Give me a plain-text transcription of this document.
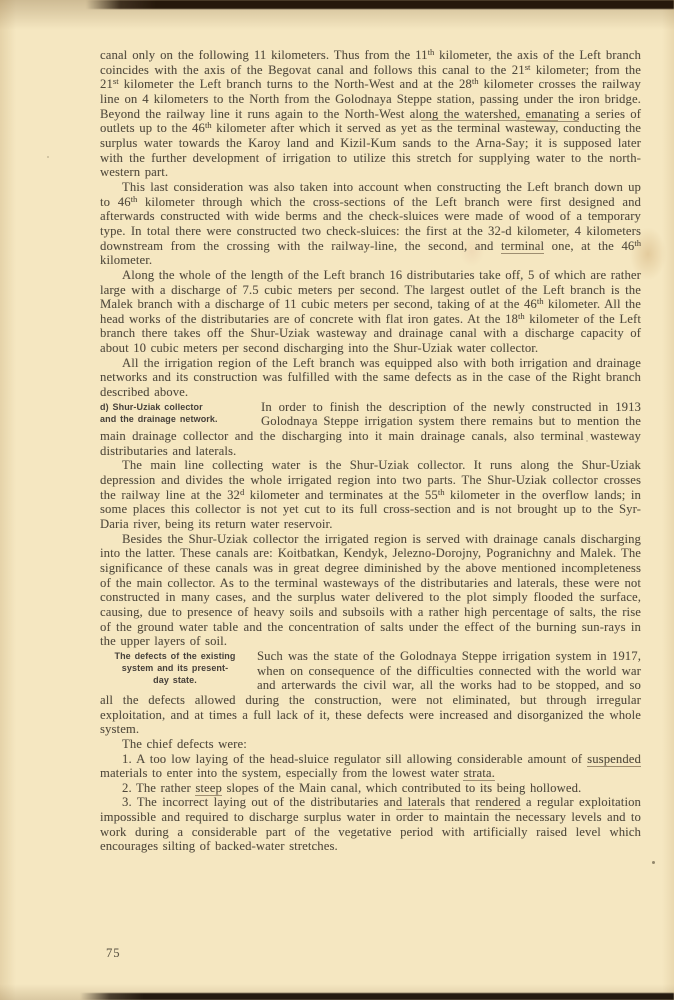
canal only on the following 11 kilometers. Thus from the 11th kilometer, the axis of the Left branch coincides with the axis of the Begovat canal and follows this canal to the 21st kilometer; from the 21st kilometer the Left branch turns to the North-West and at the 28th kilometer crosses the railway line on 4 kilometers to the North from the Golodnaya Steppe station, passing under the iron bridge. Beyond the railway line it runs again to the North-West along the watershed, emanating a series of outlets up to the 46th kilometer after which it served as yet as the terminal wasteway, conducting the surplus water towards the Karoy land and Kizil-Kum sands to the Arna-Say; it is supposed later with the further development of irrigation to utilize this stretch for supplying water to the north-western part.

This last consideration was also taken into account when constructing the Left branch down up to 46th kilometer through which the cross-sections of the Left branch were first designed and afterwards constructed with wide berms and the check-sluices were made of wood of a temporary type. In total there were constructed two check-sluices: the first at the 32-d kilometer, 4 kilometers downstream from the crossing with the railway-line, the second, and terminal one, at the 46th kilometer.

Along the whole of the length of the Left branch 16 distributaries take off, 5 of which are rather large with a discharge of 7.5 cubic meters per second. The largest outlet of the Left branch is the Malek branch with a discharge of 11 cubic meters per second, taking of at the 46th kilometer. All the head works of the distributaries are of concrete with flat iron gates. At the 18th kilometer of the Left branch there takes off the Shur-Uziak wasteway and drainage canal with a discharge capacity of about 10 cubic meters per second discharging into the Shur-Uziak water collector.

All the irrigation region of the Left branch was equipped also with both irrigation and drainage networks and its construction was fulfilled with the same defects as in the case of the Right branch described above.

d) Shur-Uziak collector
and the drainage network.
In order to finish the description of the newly constructed in 1913 Golodnaya Steppe irrigation system there remains but to mention the main drainage collector and the discharging into it main drainage canals, also terminal wasteway distributaries and laterals.

The main line collecting water is the Shur-Uziak collector. It runs along the Shur-Uziak depression and divides the whole irrigated region into two parts. The Shur-Uziak collector crosses the railway line at the 32$^d$ kilometer and terminates at the 55th kilometer in the overflow lands; in some places this collector is not yet cut to its full cross-section and is not brought up to the Syr-Daria river, being its return water reservoir.

Besides the Shur-Uziak collector the irrigated region is served with drainage canals discharging into the latter. These canals are: Koitbatkan, Kendyk, Jelezno-Dorojny, Pogranichny and Malek. The significance of these canals was in great degree diminished by the above mentioned incompleteness of the main collector. As to the terminal wasteways of the distributaries and laterals, these were not constructed in many cases, and the surplus water delivered to the plot simply flooded the surface, causing, due to presence of heavy soils and subsoils with a rather high percentage of salts, the rise of the ground water table and the concentration of salts under the effect of the burning sun-rays in the upper layers of soil.

The defects of the existing
system and its present-
day state.
Such was the state of the Golodnaya Steppe irrigation system in 1917, when on consequence of the difficulties connected with the world war and arterwards the civil war, all the works had to be stopped, and so all the defects allowed during the construction, were not eliminated, but through irregular exploitation, and at times a full lack of it, these defects were increased and disorganized the whole system.

The chief defects were:

1. A too low laying of the head-sluice regulator sill allowing considerable amount of suspended materials to enter into the system, especially from the lowest water strata.

2. The rather steep slopes of the Main canal, which contributed to its being hollowed.

3. The incorrect laying out of the distributaries and laterals that rendered a regular exploitation impossible and required to discharge surplus water in order to maintain the necessary levels and to work during a considerable part of the vegetative period with artificially raised level which encourages silting of backed-water stretches.

75
